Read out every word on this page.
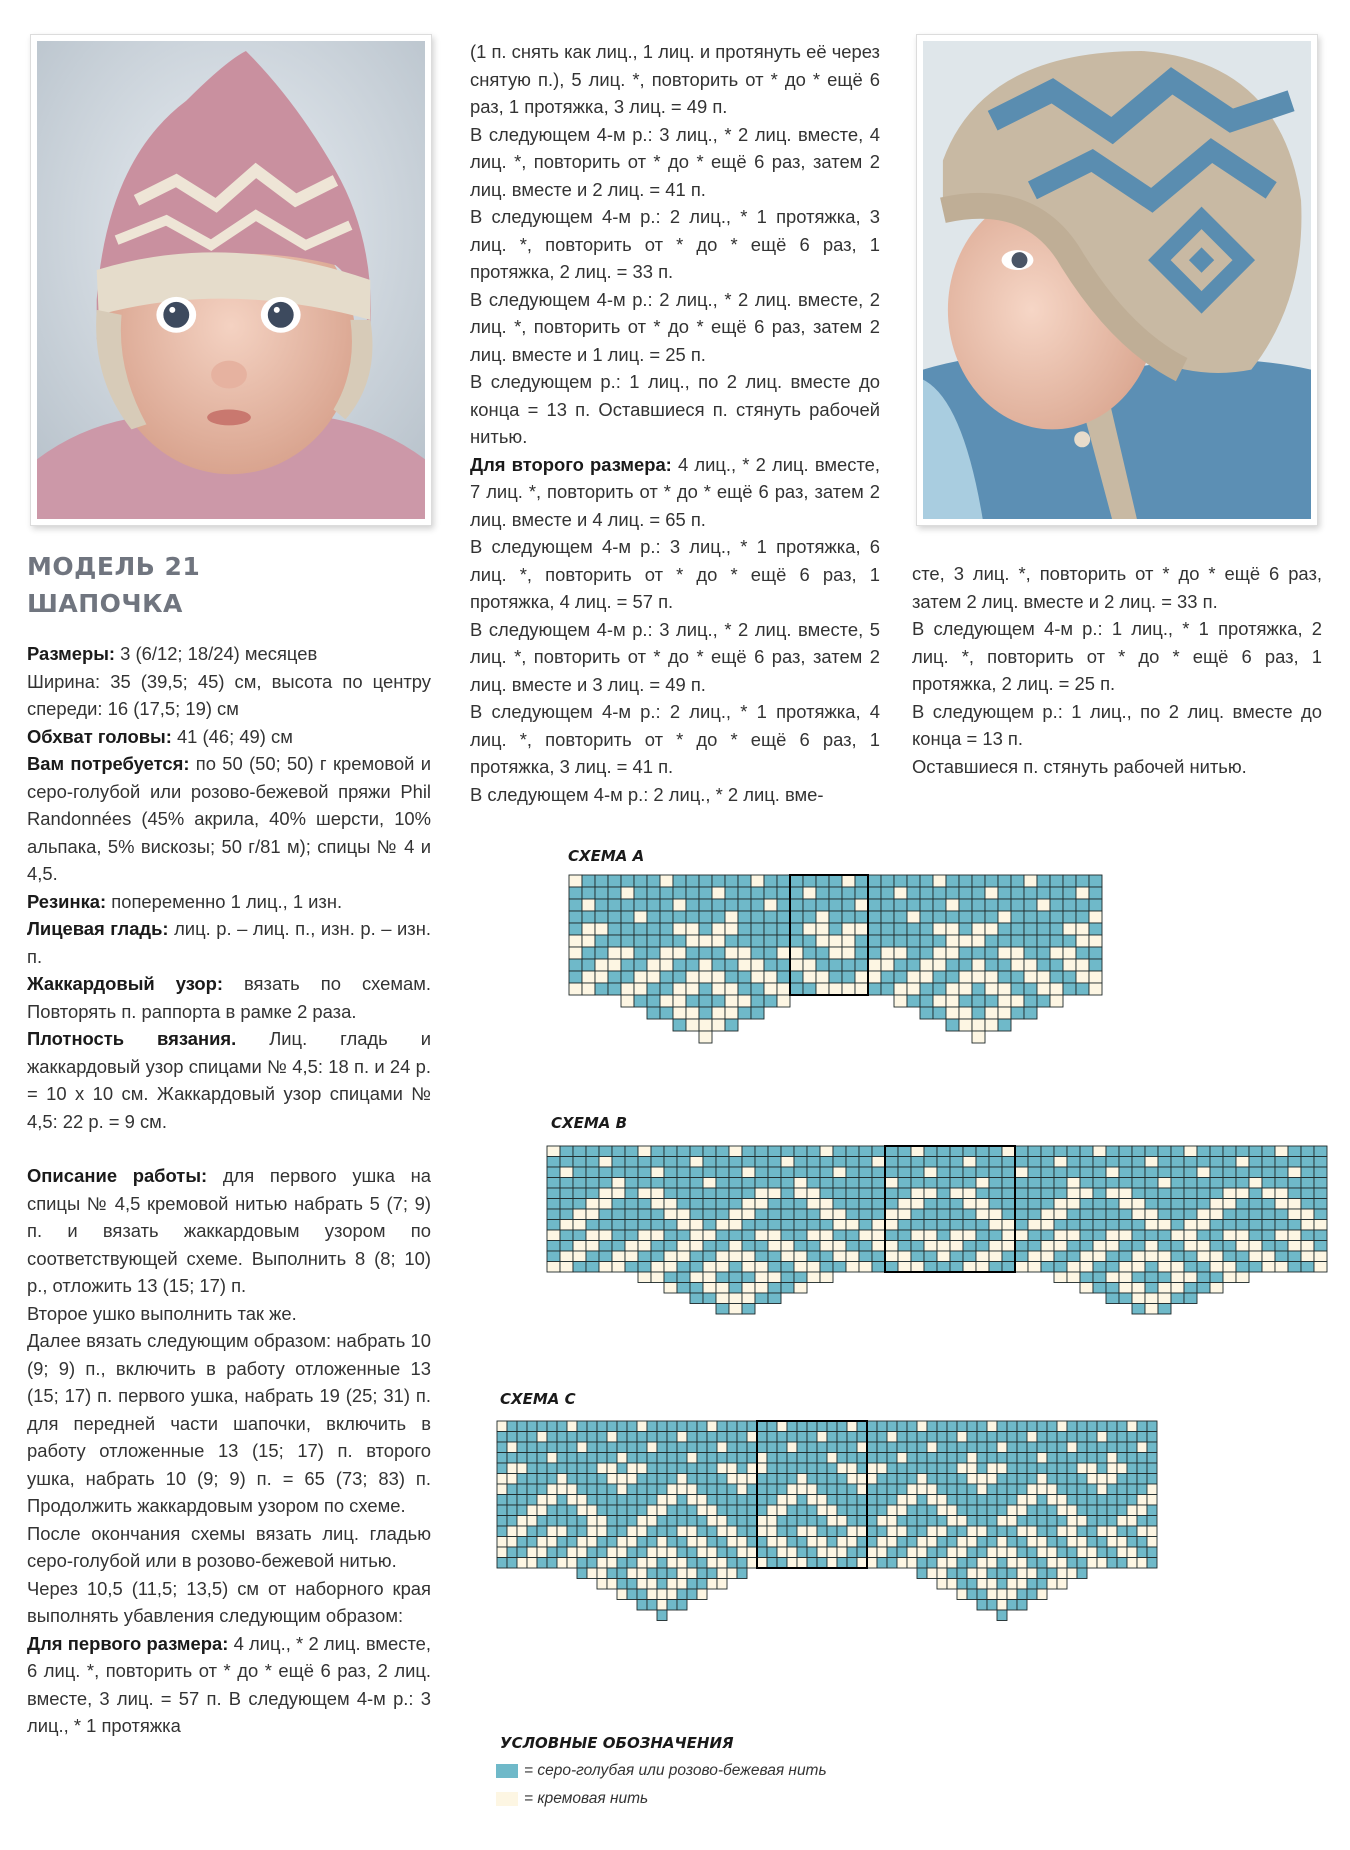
МОДЕЛЬ 21
ШАПОЧКА

Размеры: 3 (6/12; 18/24) месяцев

Ширина: 35 (39,5; 45) см, высота по центру спереди: 16 (17,5; 19) см

Обхват головы: 41 (46; 49) см

Вам потребуется: по 50 (50; 50) г кремовой и серо-голубой или розово-бежевой пряжи Phil Randonnées (45% акрила, 40% шерсти, 10% альпака, 5% вискозы; 50 г/81 м); спицы № 4 и 4,5.

Резинка: попеременно 1 лиц., 1 изн.

Лицевая гладь: лиц. р. – лиц. п., изн. р. – изн. п.

Жаккардовый узор: вязать по схемам. Повторять п. раппорта в рамке 2 раза.

Плотность вязания. Лиц. гладь и жаккардовый узор спицами № 4,5: 18 п. и 24 р. = 10 х 10 см. Жаккардовый узор спицами № 4,5: 22 р. = 9 см.

Описание работы: для первого ушка на спицы № 4,5 кремовой нитью набрать 5 (7; 9) п. и вязать жаккардовым узором по соответствующей схеме. Выполнить 8 (8; 10) р., отложить 13 (15; 17) п.

Второе ушко выполнить так же.

Далее вязать следующим образом: набрать 10 (9; 9) п., включить в работу отложенные 13 (15; 17) п. первого ушка, набрать 19 (25; 31) п. для передней части шапочки, включить в работу отложенные 13 (15; 17) п. второго ушка, набрать 10 (9; 9) п. = 65 (73; 83) п. Продолжить жаккардовым узором по схеме.

После окончания схемы вязать лиц. гладью серо-голубой или в розово-бежевой нитью.

Через 10,5 (11,5; 13,5) см от наборного края выполнять убавления следующим образом:

Для первого размера: 4 лиц., * 2 лиц. вместе, 6 лиц. *, повторить от * до * ещё 6 раз, 2 лиц. вместе, 3 лиц. = 57 п. В следующем 4-м р.: 3 лиц., * 1 протяжка

(1 п. снять как лиц., 1 лиц. и протянуть её через снятую п.), 5 лиц. *, повторить от * до * ещё 6 раз, 1 протяжка, 3 лиц. = 49 п.

В следующем 4-м р.: 3 лиц., * 2 лиц. вместе, 4 лиц. *, повторить от * до * ещё 6 раз, затем 2 лиц. вместе и 2 лиц. = 41 п.

В следующем 4-м р.: 2 лиц., * 1 протяжка, 3 лиц. *, повторить от * до * ещё 6 раз, 1 протяжка, 2 лиц. = 33 п.

В следующем 4-м р.: 2 лиц., * 2 лиц. вместе, 2 лиц. *, повторить от * до * ещё 6 раз, затем 2 лиц. вместе и 1 лиц. = 25 п.

В следующем р.: 1 лиц., по 2 лиц. вместе до конца = 13 п. Оставшиеся п. стянуть рабочей нитью.

Для второго размера: 4 лиц., * 2 лиц. вместе, 7 лиц. *, повторить от * до * ещё 6 раз, затем 2 лиц. вместе и 4 лиц. = 65 п.

В следующем 4-м р.: 3 лиц., * 1 протяжка, 6 лиц. *, повторить от * до * ещё 6 раз, 1 протяжка, 4 лиц. = 57 п.

В следующем 4-м р.: 3 лиц., * 2 лиц. вместе, 5 лиц. *, повторить от * до * ещё 6 раз, затем 2 лиц. вместе и 3 лиц. = 49 п.

В следующем 4-м р.: 2 лиц., * 1 протяжка, 4 лиц. *, повторить от * до * ещё 6 раз, 1 протяжка, 3 лиц. = 41 п.

В следующем 4-м р.: 2 лиц., * 2 лиц. вме-

сте, 3 лиц. *, повторить от * до * ещё 6 раз, затем 2 лиц. вместе и 2 лиц. = 33 п.

В следующем 4-м р.: 1 лиц., * 1 протяжка, 2 лиц. *, повторить от * до * ещё 6 раз, 1 протяжка, 2 лиц. = 25 п.

В следующем р.: 1 лиц., по 2 лиц. вместе до конца = 13 п.

Оставшиеся п. стянуть рабочей нитью.

СХЕМА A
СХЕМА B
СХЕМА C
УСЛОВНЫЕ ОБОЗНАЧЕНИЯ
= серо-голубая или розово-бежевая нить
= кремовая нить
